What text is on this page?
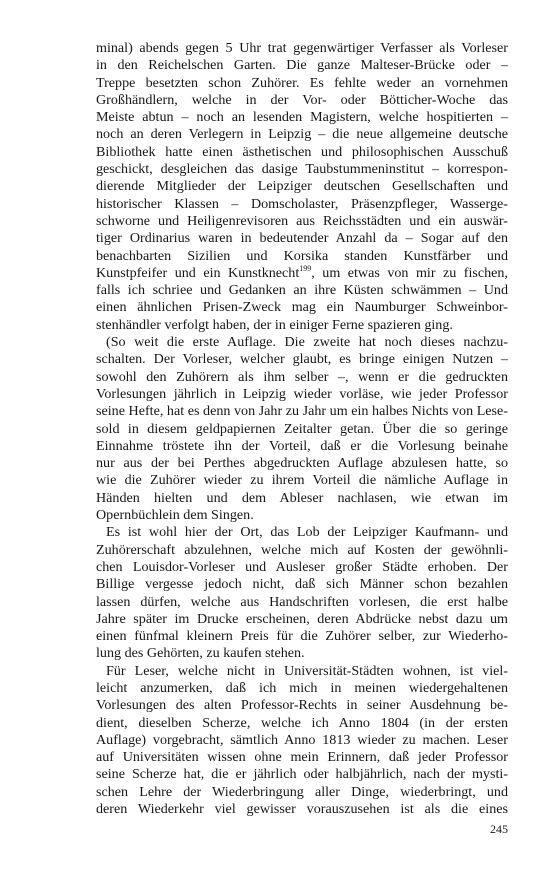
minal) abends gegen 5 Uhr trat gegenwärtiger Verfasser als Vorleser
in den Reichelschen Garten. Die ganze Malteser-Brücke oder –
Treppe besetzten schon Zuhörer. Es fehlte weder an vornehmen
Großhändlern, welche in der Vor- oder Bötticher-Woche das
Meiste abtun – noch an lesenden Magistern, welche hospitierten –
noch an deren Verlegern in Leipzig – die neue allgemeine deutsche
Bibliothek hatte einen ästhetischen und philosophischen Ausschuß
geschickt, desgleichen das dasige Taubstummeninstitut – korrespon-
dierende Mitglieder der Leipziger deutschen Gesellschaften und
historischer Klassen – Domscholaster, Präsenzpfleger, Wasserge-
schworne und Heiligenrevisoren aus Reichsstädten und ein auswär-
tiger Ordinarius waren in bedeutender Anzahl da – Sogar auf den
benachbarten Sizilien und Korsika standen Kunstfärber und
Kunstpfeifer und ein Kunstknecht$^{199}$, um etwas von mir zu fischen,
falls ich schriee und Gedanken an ihre Küsten schwämmen – Und
einen ähnlichen Prisen-Zweck mag ein Naumburger Schweinbor-
stenhändler verfolgt haben, der in einiger Ferne spazieren ging.
(So weit die erste Auflage. Die zweite hat noch dieses nachzu-
schalten. Der Vorleser, welcher glaubt, es bringe einigen Nutzen –
sowohl den Zuhörern als ihm selber –, wenn er die gedruckten
Vorlesungen jährlich in Leipzig wieder vorläse, wie jeder Professor
seine Hefte, hat es denn von Jahr zu Jahr um ein halbes Nichts von Lese-
sold in diesem geldpapiernen Zeitalter getan. Über die so geringe
Einnahme tröstete ihn der Vorteil, daß er die Vorlesung beinahe
nur aus der bei Perthes abgedruckten Auflage abzulesen hatte, so
wie die Zuhörer wieder zu ihrem Vorteil die nämliche Auflage in
Händen hielten und dem Ableser nachlasen, wie etwan im
Opernbüchlein dem Singen.
Es ist wohl hier der Ort, das Lob der Leipziger Kaufmann- und
Zuhörerschaft abzulehnen, welche mich auf Kosten der gewöhnli-
chen Louisdor-Vorleser und Ausleser großer Städte erhoben. Der
Billige vergesse jedoch nicht, daß sich Männer schon bezahlen
lassen dürfen, welche aus Handschriften vorlesen, die erst halbe
Jahre später im Drucke erscheinen, deren Abdrücke nebst dazu um
einen fünfmal kleinern Preis für die Zuhörer selber, zur Wiederho-
lung des Gehörten, zu kaufen stehen.
Für Leser, welche nicht in Universität-Städten wohnen, ist viel-
leicht anzumerken, daß ich mich in meinen wiedergehaltenen
Vorlesungen des alten Professor-Rechts in seiner Ausdehnung be-
dient, dieselben Scherze, welche ich Anno 1804 (in der ersten
Auflage) vorgebracht, sämtlich Anno 1813 wieder zu machen. Leser
auf Universitäten wissen ohne mein Erinnern, daß jeder Professor
seine Scherze hat, die er jährlich oder halbjährlich, nach der mysti-
schen Lehre der Wiederbringung aller Dinge, wiederbringt, und
deren Wiederkehr viel gewisser vorauszusehen ist als die eines
245
